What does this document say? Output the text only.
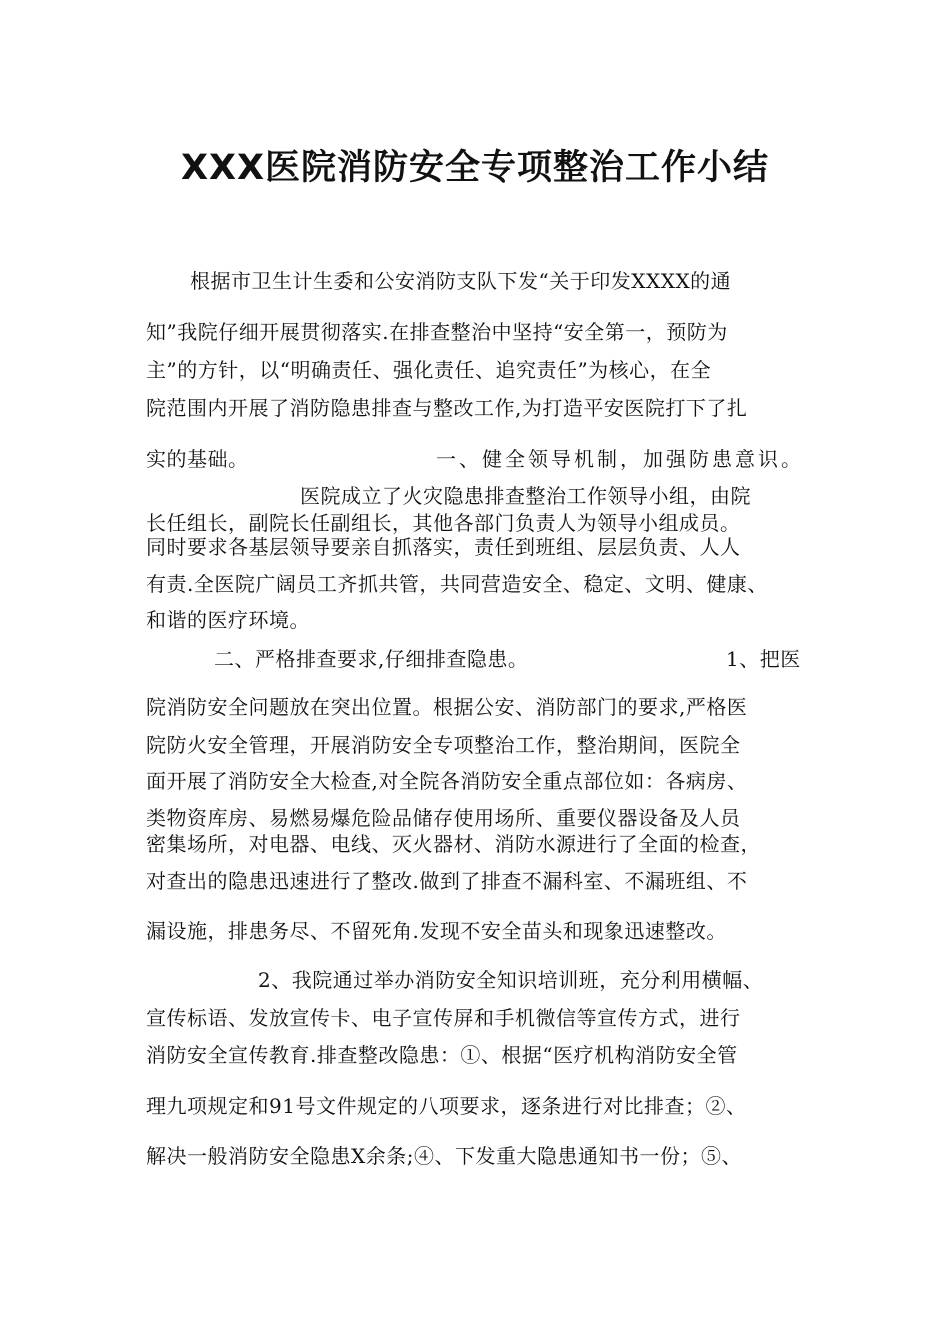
XXX医院消防安全专项整治工作小结
根据市卫生计生委和公安消防支队下发“关于印发XXXX的通
知”我院仔细开展贯彻落实.在排查整治中坚持“安全第一，预防为
主”的方针，以“明确责任、强化责任、追究责任”为核心，在全
院范围内开展了消防隐患排查与整改工作,为打造平安医院打下了扎
实的基础。	一、健全领导机制，加强防患意识。
医院成立了火灾隐患排查整治工作领导小组，由院
长任组长，副院长任副组长，其他各部门负责人为领导小组成员。
同时要求各基层领导要亲自抓落实，责任到班组、层层负责、人人
有责.全医院广阔员工齐抓共管，共同营造安全、稳定、文明、健康、
和谐的医疗环境。
二、严格排查要求,仔细排查隐患。	1、把医
院消防安全问题放在突出位置。根据公安、消防部门的要求,严格医
院防火安全管理，开展消防安全专项整治工作，整治期间，医院全
面开展了消防安全大检查,对全院各消防安全重点部位如：各病房、
类物资库房、易燃易爆危险品储存使用场所、重要仪器设备及人员
密集场所，对电器、电线、灭火器材、消防水源进行了全面的检查，
对查出的隐患迅速进行了整改.做到了排查不漏科室、不漏班组、不
漏设施，排患务尽、不留死角.发现不安全苗头和现象迅速整改。
2、我院通过举办消防安全知识培训班，充分利用横幅、
宣传标语、发放宣传卡、电子宣传屏和手机微信等宣传方式，进行
消防安全宣传教育.排查整改隐患：①、根据“医疗机构消防安全管
理九项规定和91号文件规定的八项要求，逐条进行对比排查；②、
解决一般消防安全隐患X余条;④、下发重大隐患通知书一份；⑤、
